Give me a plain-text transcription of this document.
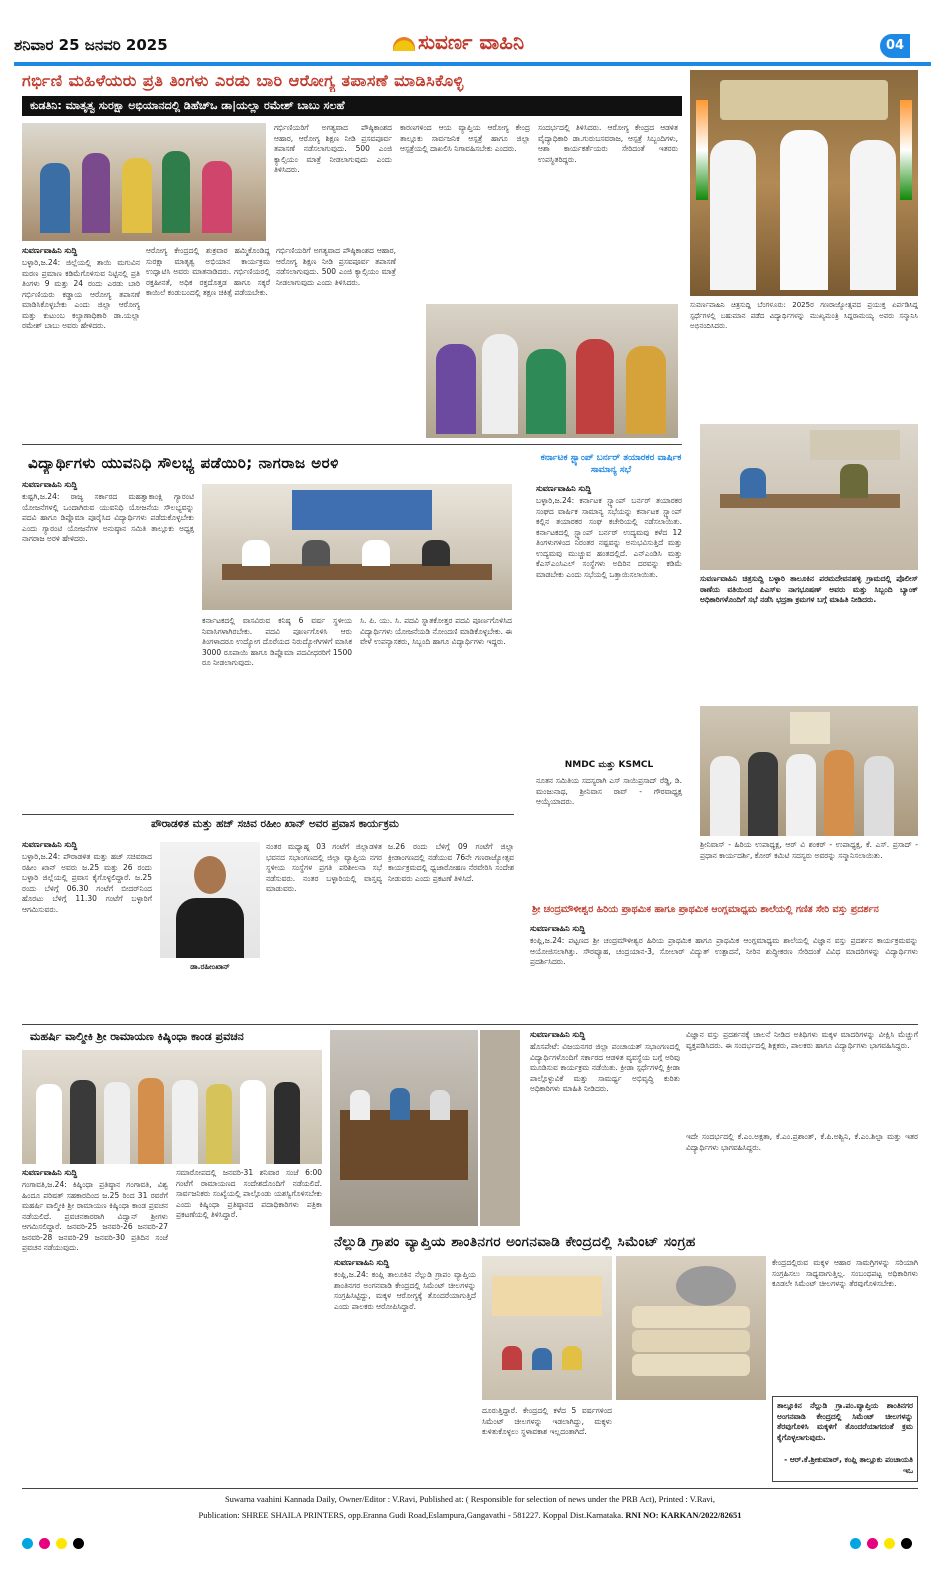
ಶನಿವಾರ 25 ಜನವರಿ 2025	ಸುವರ್ಣ ವಾಹಿನಿ	04
ಗರ್ಭಿಣಿ ಮಹಿಳೆಯರು ಪ್ರತಿ ತಿಂಗಳು ಎರಡು ಬಾರಿ ಆರೋಗ್ಯ ತಪಾಸಣೆ ಮಾಡಿಸಿಕೊಳ್ಳಿ
ಕುಡತಿನಿ: ಮಾತೃತ್ವ ಸುರಕ್ಷಾ ಅಭಿಯಾನದಲ್ಲಿ ಡಿಹೆಚ್ಒ ಡಾ|ಯಲ್ಲಾ ರಮೇಶ್ ಬಾಬು ಸಲಹೆ
ಗರ್ಭಿಣಿಯರಿಗೆ ಅಗತ್ಯವಾದ ಪೌಷ್ಠಿಕಾಂಶದ ಆಹಾರ, ಆರೋಗ್ಯ ಶಿಕ್ಷಣ ನೀಡಿ ಪ್ರಸವಪೂರ್ವ ತಪಾಸಣೆ ನಡೆಸಲಾಗುವುದು. 500 ಎಂಜಿ ಕ್ಯಾಲ್ಸಿಯಂ ಮಾತ್ರೆ ನೀಡಲಾಗುವುದು ಎಂದು ತಿಳಿಸಿದರು.
ಕಾರಣಗಳಿಂದ ಆಯ ವ್ಯಾಪ್ತಿಯ ಆರೋಗ್ಯ ಕೇಂದ್ರ ತಾಲ್ಲೂಕು ಸಾರ್ವಜನಿಕ ಆಸ್ಪತ್ರೆ ಹಾಗೂ ಜಿಲ್ಲಾ ಆಸ್ಪತ್ರೆಯಲ್ಲಿ ದಾಖಲಿಸಿ ನಿಗಾವಹಿಸಬೇಕು ಎಂದರು.
ಸಂದರ್ಭದಲ್ಲಿ ತಿಳಿಸಿದರು. ಆರೋಗ್ಯ ಕೇಂದ್ರದ ಆಡಳಿತ ವೈದ್ಯಾಧಿಕಾರಿ ಡಾ.ಗುರುಬಸವರಾಜ, ಆಸ್ಪತ್ರೆ ಸಿಬ್ಬಂದಿಗಳು, ಆಶಾ ಕಾರ್ಯಕರ್ತೆಯರು ಸೇರಿದಂತೆ ಇತರರು ಉಪಸ್ಥಿತರಿದ್ದರು.
ಸುವರ್ಣವಾಹಿನಿ ಸುದ್ದಿ
ಬಳ್ಳಾರಿ,ಜ.24: ಜಿಲ್ಲೆಯಲ್ಲಿ ತಾಯಿ ಮಗುವಿನ ಮರಣ ಪ್ರಮಾಣ ಕಡಿಮೆಗೊಳಿಸುವ ನಿಟ್ಟಿನಲ್ಲಿ ಪ್ರತಿ ತಿಂಗಳು 9 ಮತ್ತು 24 ರಂದು ಎರಡು ಬಾರಿ ಗರ್ಭಿಣಿಯರು ಕಡ್ಡಾಯ ಆರೋಗ್ಯ ತಪಾಸಣೆ ಮಾಡಿಸಿಕೊಳ್ಳಬೇಕು ಎಂದು ಜಿಲ್ಲಾ ಆರೋಗ್ಯ ಮತ್ತು ಕುಟುಂಬ ಕಲ್ಯಾಣಾಧಿಕಾರಿ ಡಾ.ಯಲ್ಲಾ ರಮೇಶ್ ಬಾಬು ಅವರು ಹೇಳಿದರು.
ಆರೋಗ್ಯ ಕೇಂದ್ರದಲ್ಲಿ ಶುಕ್ರವಾರ ಹಮ್ಮಿಕೊಂಡಿದ್ದ ಸುರಕ್ಷಾ ಮಾತೃತ್ವ ಅಭಿಯಾನ ಕಾರ್ಯಕ್ರಮ ಉದ್ಘಾಟಿಸಿ ಅವರು ಮಾತನಾಡಿದರು. ಗರ್ಭಿಣಿಯರಲ್ಲಿ ರಕ್ತಹೀನತೆ, ಅಧಿಕ ರಕ್ತದೊತ್ತಡ ಹಾಗೂ ಸಕ್ಕರೆ ಕಾಯಿಲೆ ಕಂಡುಬಂದಲ್ಲಿ ತಕ್ಷಣ ಚಿಕಿತ್ಸೆ ಪಡೆಯಬೇಕು.
ಗರ್ಭಿಣಿಯರಿಗೆ ಅಗತ್ಯವಾದ ಪೌಷ್ಠಿಕಾಂಶದ ಆಹಾರ, ಆರೋಗ್ಯ ಶಿಕ್ಷಣ ನೀಡಿ ಪ್ರಸವಪೂರ್ವ ತಪಾಸಣೆ ನಡೆಸಲಾಗುವುದು. 500 ಎಂಜಿ ಕ್ಯಾಲ್ಸಿಯಂ ಮಾತ್ರೆ ನೀಡಲಾಗುವುದು ಎಂದು ತಿಳಿಸಿದರು.
ಸುವರ್ಣವಾಹಿನಿ ಚಿತ್ರಸುದ್ದಿ ಬೆಂಗಳೂರು: 2025ರ ಗಣರಾಜ್ಯೋತ್ಸವದ ಪ್ರಯುಕ್ತ ಏರ್ಪಡಿಸಿದ್ದ ಸ್ಪರ್ಧೆಗಳಲ್ಲಿ ಬಹುಮಾನ ಪಡೆದ ವಿದ್ಯಾರ್ಥಿಗಳನ್ನು ಮುಖ್ಯಮಂತ್ರಿ ಸಿದ್ದರಾಮಯ್ಯ ಅವರು ಸನ್ಮಾನಿಸಿ ಅಭಿನಂದಿಸಿದರು.
ವಿದ್ಯಾರ್ಥಿಗಳು ಯುವನಿಧಿ ಸೌಲಭ್ಯ ಪಡೆಯಿರಿ; ನಾಗರಾಜ ಅರಳಿ
ಸುವರ್ಣವಾಹಿನಿ ಸುದ್ದಿ
ಕುಷ್ಟಗಿ,ಜ.24: ರಾಜ್ಯ ಸರ್ಕಾರದ ಮಹತ್ವಾಕಾಂಕ್ಷಿ ಗ್ಯಾರಂಟಿ ಯೋಜನೆಗಳಲ್ಲಿ ಒಂದಾಗಿರುವ ಯುವನಿಧಿ ಯೋಜನೆಯ ಸೌಲಭ್ಯವನ್ನು ಪದವಿ ಹಾಗೂ ಡಿಪ್ಲೊಮಾ ಪೂರೈಸಿದ ವಿದ್ಯಾರ್ಥಿಗಳು ಪಡೆದುಕೊಳ್ಳಬೇಕು ಎಂದು ಗ್ಯಾರಂಟಿ ಯೋಜನೆಗಳ ಅನುಷ್ಠಾನ ಸಮಿತಿ ತಾಲ್ಲೂಕು ಅಧ್ಯಕ್ಷ ನಾಗರಾಜ ಅರಳಿ ಹೇಳಿದರು.
ಕರ್ನಾಟಕದಲ್ಲಿ ವಾಸವಿರುವ ಕನಿಷ್ಠ 6 ವರ್ಷ ಸ್ಥಳೀಯ ನಿವಾಸಿಗಳಾಗಿರಬೇಕು. ಪದವಿ ಪೂರ್ಣಗೊಳಿಸಿ ಆರು ತಿಂಗಳಾದರೂ ಉದ್ಯೋಗ ದೊರೆಯದ ನಿರುದ್ಯೋಗಿಗಳಿಗೆ ಮಾಸಿಕ 3000 ರೂಪಾಯಿ ಹಾಗೂ ಡಿಪ್ಲೊಮಾ ಪದವೀಧರರಿಗೆ 1500 ರೂ ನೀಡಲಾಗುವುದು.
ಸಿ. ಪಿ. ಯು. ಸಿ. ಪದವಿ ಸ್ನಾತಕೋತ್ತರ ಪದವಿ ಪೂರ್ಣಗೊಳಿಸಿದ ವಿದ್ಯಾರ್ಥಿಗಳು ಯೋಜನೆಯಡಿ ನೋಂದಣಿ ಮಾಡಿಕೊಳ್ಳಬೇಕು. ಈ ವೇಳೆ ಉಪನ್ಯಾಸಕರು, ಸಿಬ್ಬಂದಿ ಹಾಗೂ ವಿದ್ಯಾರ್ಥಿಗಳು ಇದ್ದರು.
ಪೌರಾಡಳಿತ ಮತ್ತು ಹಜ್ ಸಚಿವ ರಹೀಂ ಖಾನ್ ಅವರ ಪ್ರವಾಸ ಕಾರ್ಯಕ್ರಮ
ಸುವರ್ಣವಾಹಿನಿ ಸುದ್ದಿ
ಬಳ್ಳಾರಿ,ಜ.24: ಪೌರಾಡಳಿತ ಮತ್ತು ಹಜ್ ಸಚಿವರಾದ ರಹೀಂ ಖಾನ್ ಅವರು ಜ.25 ಮತ್ತು 26 ರಂದು ಬಳ್ಳಾರಿ ಜಿಲ್ಲೆಯಲ್ಲಿ ಪ್ರವಾಸ ಕೈಗೊಳ್ಳಲಿದ್ದಾರೆ. ಜ.25 ರಂದು ಬೆಳಿಗ್ಗೆ 06.30 ಗಂಟೆಗೆ ಬೀದರ್‌ನಿಂದ ಹೊರಟು ಬೆಳಿಗ್ಗೆ 11.30 ಗಂಟೆಗೆ ಬಳ್ಳಾರಿಗೆ ಆಗಮಿಸುವರು.
ಡಾ.ರಹೀಂಖಾನ್
ನಂತರ ಮಧ್ಯಾಹ್ನ 03 ಗಂಟೆಗೆ ಜಿಲ್ಲಾಡಳಿತ ಭವನದ ಸಭಾಂಗಣದಲ್ಲಿ ಜಿಲ್ಲಾ ವ್ಯಾಪ್ತಿಯ ನಗರ ಸ್ಥಳೀಯ ಸಂಸ್ಥೆಗಳ ಪ್ರಗತಿ ಪರಿಶೀಲನಾ ಸಭೆ ನಡೆಸುವರು. ನಂತರ ಬಳ್ಳಾರಿಯಲ್ಲಿ ವಾಸ್ತವ್ಯ ಮಾಡುವರು.
ಜ.26 ರಂದು ಬೆಳಿಗ್ಗೆ 09 ಗಂಟೆಗೆ ಜಿಲ್ಲಾ ಕ್ರೀಡಾಂಗಣದಲ್ಲಿ ನಡೆಯುವ 76ನೇ ಗಣರಾಜ್ಯೋತ್ಸವ ಕಾರ್ಯಕ್ರಮದಲ್ಲಿ ಧ್ವಜಾರೋಹಣ ನೆರವೇರಿಸಿ ಸಂದೇಶ ನೀಡುವರು ಎಂದು ಪ್ರಕಟಣೆ ತಿಳಿಸಿದೆ.
ಕರ್ನಾಟಕ ಸ್ಟ್ಯಾಂಪ್ ಬರ್ನರ್ ತಯಾರಕರ ವಾರ್ಷಿಕ ಸಾಮಾನ್ಯ ಸಭೆ
ಸುವರ್ಣವಾಹಿನಿ ಸುದ್ದಿ
ಬಳ್ಳಾರಿ,ಜ.24: ಕರ್ನಾಟಕ ಸ್ಟ್ಯಾಂಪ್ ಬರ್ನರ್ ತಯಾರಕರ ಸಂಘದ ವಾರ್ಷಿಕ ಸಾಮಾನ್ಯ ಸಭೆಯನ್ನು ಕರ್ನಾಟಕ ಸ್ಟ್ಯಾಂಪ್ ಕಲ್ಲಿನ ತಯಾರಕರ ಸಂಘ ಕಚೇರಿಯಲ್ಲಿ ನಡೆಸಲಾಯಿತು. ಕರ್ನಾಟಕದಲ್ಲಿ ಸ್ಟ್ಯಾಂಪ್ ಬರ್ನರ್ ಉದ್ಯಮವು ಕಳೆದ 12 ತಿಂಗಳುಗಳಿಂದ ನಿರಂತರ ನಷ್ಟವನ್ನು ಅನುಭವಿಸುತ್ತಿದೆ ಮತ್ತು ಉದ್ಯಮವು ಮುಚ್ಚುವ ಹಂತದಲ್ಲಿದೆ. ಎನ್‌ಎಂಡಿಸಿ ಮತ್ತು ಕೆಎಸ್‌ಎಂಸಿಎಲ್ ಸಂಸ್ಥೆಗಳು ಅದಿರಿನ ದರವನ್ನು ಕಡಿಮೆ ಮಾಡಬೇಕು ಎಂದು ಸಭೆಯಲ್ಲಿ ಒತ್ತಾಯಿಸಲಾಯಿತು.
NMDC ಮತ್ತು KSMCL
ನೂತನ ಸಮಿತಿಯ ಸದಸ್ಯರಾಗಿ ಎಸ್ ಸಾಯಿಪ್ರಸಾದ್ ರೆಡ್ಡಿ, ಡಿ. ಮಂಜುನಾಥ, ಶ್ರೀನಿವಾಸ ರಾವ್ - ಗೌರವಾಧ್ಯಕ್ಷ ಆಯ್ಕೆಯಾದರು.
ಸುವರ್ಣವಾಹಿನಿ ಚಿತ್ರಸುದ್ದಿ ಬಳ್ಳಾರಿ ತಾಲೂಕಿನ ಪರಮದೇವನಹಳ್ಳಿ ಗ್ರಾಮದಲ್ಲಿ ಪೊಲೀಸ್ ಠಾಣೆಯ ವತಿಯಿಂದ ಪಿಎಸ್‌ಐ ನಾಗಭೂಷಣ್ ಅವರು ಮತ್ತು ಸಿಬ್ಬಂದಿ ಬ್ಯಾಂಕ್ ಅಧಿಕಾರಿಗಳೊಂದಿಗೆ ಸಭೆ ನಡೆಸಿ ಭದ್ರತಾ ಕ್ರಮಗಳ ಬಗ್ಗೆ ಮಾಹಿತಿ ನೀಡಿದರು.
ಶ್ರೀನಿವಾಸ್ - ಹಿರಿಯ ಉಪಾಧ್ಯಕ್ಷ, ಆರ್ ವಿ ಶಂಕರ್ - ಉಪಾಧ್ಯಕ್ಷ, ಕೆ. ಎಸ್. ಪ್ರಸಾದ್ - ಪ್ರಧಾನ ಕಾರ್ಯದರ್ಶಿ, ಕೋರ್ ಕಮಿಟಿ ಸದಸ್ಯರು ಅವರನ್ನು ಸನ್ಮಾನಿಸಲಾಯಿತು.
ಶ್ರೀ ಚಂದ್ರಮೌಳೀಶ್ವರ ಹಿರಿಯ ಪ್ರಾಥಮಿಕ ಹಾಗೂ ಪ್ರಾಥಮಿಕ ಆಂಗ್ಲಮಾಧ್ಯಮ ಶಾಲೆಯಲ್ಲಿ ಗಣಿತ ಸೇರಿ ವಸ್ತು ಪ್ರದರ್ಶನ
ಸುವರ್ಣವಾಹಿನಿ ಸುದ್ದಿ
ಕಂಪ್ಲಿ,ಜ.24: ಪಟ್ಟಣದ ಶ್ರೀ ಚಂದ್ರಮೌಳೀಶ್ವರ ಹಿರಿಯ ಪ್ರಾಥಮಿಕ ಹಾಗೂ ಪ್ರಾಥಮಿಕ ಆಂಗ್ಲಮಾಧ್ಯಮ ಶಾಲೆಯಲ್ಲಿ ವಿಜ್ಞಾನ ವಸ್ತು ಪ್ರದರ್ಶನ ಕಾರ್ಯಕ್ರಮವನ್ನು ಆಯೋಜಿಸಲಾಗಿತ್ತು. ಸೌರವ್ಯೂಹ, ಚಂದ್ರಯಾನ-3, ಸೋಲಾರ್ ವಿದ್ಯುತ್ ಉತ್ಪಾದನೆ, ನೀರಿನ ಶುದ್ಧೀಕರಣ ಸೇರಿದಂತೆ ವಿವಿಧ ಮಾದರಿಗಳನ್ನು ವಿದ್ಯಾರ್ಥಿಗಳು ಪ್ರದರ್ಶಿಸಿದರು.
ಮಹರ್ಷಿ ವಾಲ್ಮೀಕಿ ಶ್ರೀ ರಾಮಾಯಣ ಕಿಷ್ಕಿಂಧಾ ಕಾಂಡ ಪ್ರವಚನ
ಸುವರ್ಣವಾಹಿನಿ ಸುದ್ದಿ
ಗಂಗಾವತಿ,ಜ.24: ಕಿಷ್ಕಿಂಧಾ ಪ್ರತಿಷ್ಠಾನ ಗಂಗಾವತಿ, ವಿಶ್ವ ಹಿಂದೂ ಪರಿಷತ್ ಸಹಕಾರದಿಂದ ಜ.25 ರಿಂದ 31 ರವರೆಗೆ ಮಹರ್ಷಿ ವಾಲ್ಮೀಕಿ ಶ್ರೀ ರಾಮಾಯಣ ಕಿಷ್ಕಿಂಧಾ ಕಾಂಡ ಪ್ರವಚನ ನಡೆಯಲಿದೆ. ಪ್ರವಚನಕಾರರಾಗಿ ವಿದ್ವಾನ್ ಶ್ರೀಗಳು ಆಗಮಿಸಲಿದ್ದಾರೆ. ಜನವರಿ-25 ಜನವರಿ-26 ಜನವರಿ-27 ಜನವರಿ-28 ಜನವರಿ-29 ಜನವರಿ-30 ಪ್ರತಿದಿನ ಸಂಜೆ ಪ್ರವಚನ ನಡೆಯುವುದು.
ಸಮಾರೋಪದಲ್ಲಿ ಜನವರಿ-31 ಶನಿವಾರ ಸಂಜೆ 6:00 ಗಂಟೆಗೆ ರಾಮಾಯಣದ ಸಂದೇಶದೊಂದಿಗೆ ನಡೆಯಲಿದೆ. ಸಾರ್ವಜನಿಕರು ಸಂಖ್ಯೆಯಲ್ಲಿ ಪಾಲ್ಗೊಂಡು ಯಶಸ್ವಿಗೊಳಿಸಬೇಕು ಎಂದು ಕಿಷ್ಕಿಂಧಾ ಪ್ರತಿಷ್ಠಾನದ ಪದಾಧಿಕಾರಿಗಳು ಪತ್ರಿಕಾ ಪ್ರಕಟಣೆಯಲ್ಲಿ ತಿಳಿಸಿದ್ದಾರೆ.
ಸುವರ್ಣವಾಹಿನಿ ಸುದ್ದಿ
ಹೊಸಪೇಟೆ: ವಿಜಯನಗರ ಜಿಲ್ಲಾ ಪಂಚಾಯತ್ ಸಭಾಂಗಣದಲ್ಲಿ ವಿದ್ಯಾರ್ಥಿಗಳೊಂದಿಗೆ ಸರ್ಕಾರದ ಆಡಳಿತ ವ್ಯವಸ್ಥೆಯ ಬಗ್ಗೆ ಅರಿವು ಮೂಡಿಸುವ ಕಾರ್ಯಕ್ರಮ ನಡೆಯಿತು. ಕ್ರೀಡಾ ಸ್ಪರ್ಧೆಗಳಲ್ಲಿ ಕ್ರೀಡಾ ಪಾಲ್ಗೊಳ್ಳುವಿಕೆ ಮತ್ತು ಸಾಮರ್ಥ್ಯ ಅಭಿವೃದ್ಧಿ ಕುರಿತು ಅಧಿಕಾರಿಗಳು ಮಾಹಿತಿ ನೀಡಿದರು.
ವಿಜ್ಞಾನ ವಸ್ತು ಪ್ರದರ್ಶನಕ್ಕೆ ಚಾಲನೆ ನೀಡಿದ ಅತಿಥಿಗಳು ಮಕ್ಕಳ ಮಾದರಿಗಳನ್ನು ವೀಕ್ಷಿಸಿ ಮೆಚ್ಚುಗೆ ವ್ಯಕ್ತಪಡಿಸಿದರು. ಈ ಸಂದರ್ಭದಲ್ಲಿ ಶಿಕ್ಷಕರು, ಪಾಲಕರು ಹಾಗೂ ವಿದ್ಯಾರ್ಥಿಗಳು ಭಾಗವಹಿಸಿದ್ದರು.
ಇದೇ ಸಂದರ್ಭದಲ್ಲಿ ಕೆ.ಎಂ.ಅಕ್ಷತಾ, ಕೆ.ಎಂ.ಪ್ರಶಾಂತ್, ಕೆ.ಪಿ.ಅಶ್ವಿನಿ, ಕೆ.ಎಂ.ಶಿಲ್ಪಾ ಮತ್ತು ಇತರ ವಿದ್ಯಾರ್ಥಿಗಳು ಭಾಗವಹಿಸಿದ್ದರು.
ನೆಲ್ಲುಡಿ ಗ್ರಾಪಂ ವ್ಯಾಪ್ತಿಯ ಶಾಂತಿನಗರ ಅಂಗನವಾಡಿ ಕೇಂದ್ರದಲ್ಲಿ ಸಿಮೆಂಟ್ ಸಂಗ್ರಹ
ಸುವರ್ಣವಾಹಿನಿ ಸುದ್ದಿ
ಕಂಪ್ಲಿ,ಜ.24: ಕಂಪ್ಲಿ ತಾಲೂಕಿನ ನೆಲ್ಲುಡಿ ಗ್ರಾಪಂ ವ್ಯಾಪ್ತಿಯ ಶಾಂತಿನಗರ ಅಂಗನವಾಡಿ ಕೇಂದ್ರದಲ್ಲಿ ಸಿಮೆಂಟ್ ಚೀಲಗಳನ್ನು ಸಂಗ್ರಹಿಸಿಟ್ಟಿದ್ದು, ಮಕ್ಕಳ ಆರೋಗ್ಯಕ್ಕೆ ತೊಂದರೆಯಾಗುತ್ತಿದೆ ಎಂದು ಪಾಲಕರು ಆರೋಪಿಸಿದ್ದಾರೆ.
ದೂರುತ್ತಿದ್ದಾರೆ. ಕೇಂದ್ರದಲ್ಲಿ ಕಳೆದ 5 ವರ್ಷಗಳಿಂದ ಸಿಮೆಂಟ್ ಚೀಲಗಳನ್ನು ಇಡಲಾಗಿದ್ದು, ಮಕ್ಕಳು ಕುಳಿತುಕೊಳ್ಳಲು ಸ್ಥಳಾವಕಾಶ ಇಲ್ಲದಂತಾಗಿದೆ.
ಕೇಂದ್ರದಲ್ಲಿರುವ ಮಕ್ಕಳ ಆಹಾರ ಸಾಮಗ್ರಿಗಳನ್ನು ಸರಿಯಾಗಿ ಸಂಗ್ರಹಿಸಲು ಸಾಧ್ಯವಾಗುತ್ತಿಲ್ಲ. ಸಂಬಂಧಪಟ್ಟ ಅಧಿಕಾರಿಗಳು ಕೂಡಲೇ ಸಿಮೆಂಟ್ ಚೀಲಗಳನ್ನು ತೆರವುಗೊಳಿಸಬೇಕು.
ತಾಲ್ಲೂಕಿನ ನೆಲ್ಲುಡಿ ಗ್ರಾ.ಪಂ.ವ್ಯಾಪ್ತಿಯ ಶಾಂತಿನಗರ ಅಂಗನವಾಡಿ ಕೇಂದ್ರದಲ್ಲಿ ಸಿಮೆಂಟ್ ಚೀಲಗಳನ್ನು ತೆರವುಗೊಳಿಸಿ ಮಕ್ಕಳಿಗೆ ತೊಂದರೆಯಾಗದಂತೆ ಕ್ರಮ ಕೈಗೊಳ್ಳಲಾಗುವುದು.
- ಆರ್.ಕೆ.ಶ್ರೀಕುಮಾರ್, ಕಂಪ್ಲಿ ತಾಲ್ಲೂಕು ಪಂಚಾಯತಿ ಇಒ
Suwarna vaahini Kannada Daily, Owner/Editor : V.Ravi, Published at: ( Responsible for selection of news under the PRB Act), Printed : V.Ravi,
Publication: SHREE SHAILA PRINTERS, opp.Eranna Gudi Road,Eslampura,Gangavathi - 581227. Koppal Dist.Karnataka. RNI NO: KARKAN/2022/82651
